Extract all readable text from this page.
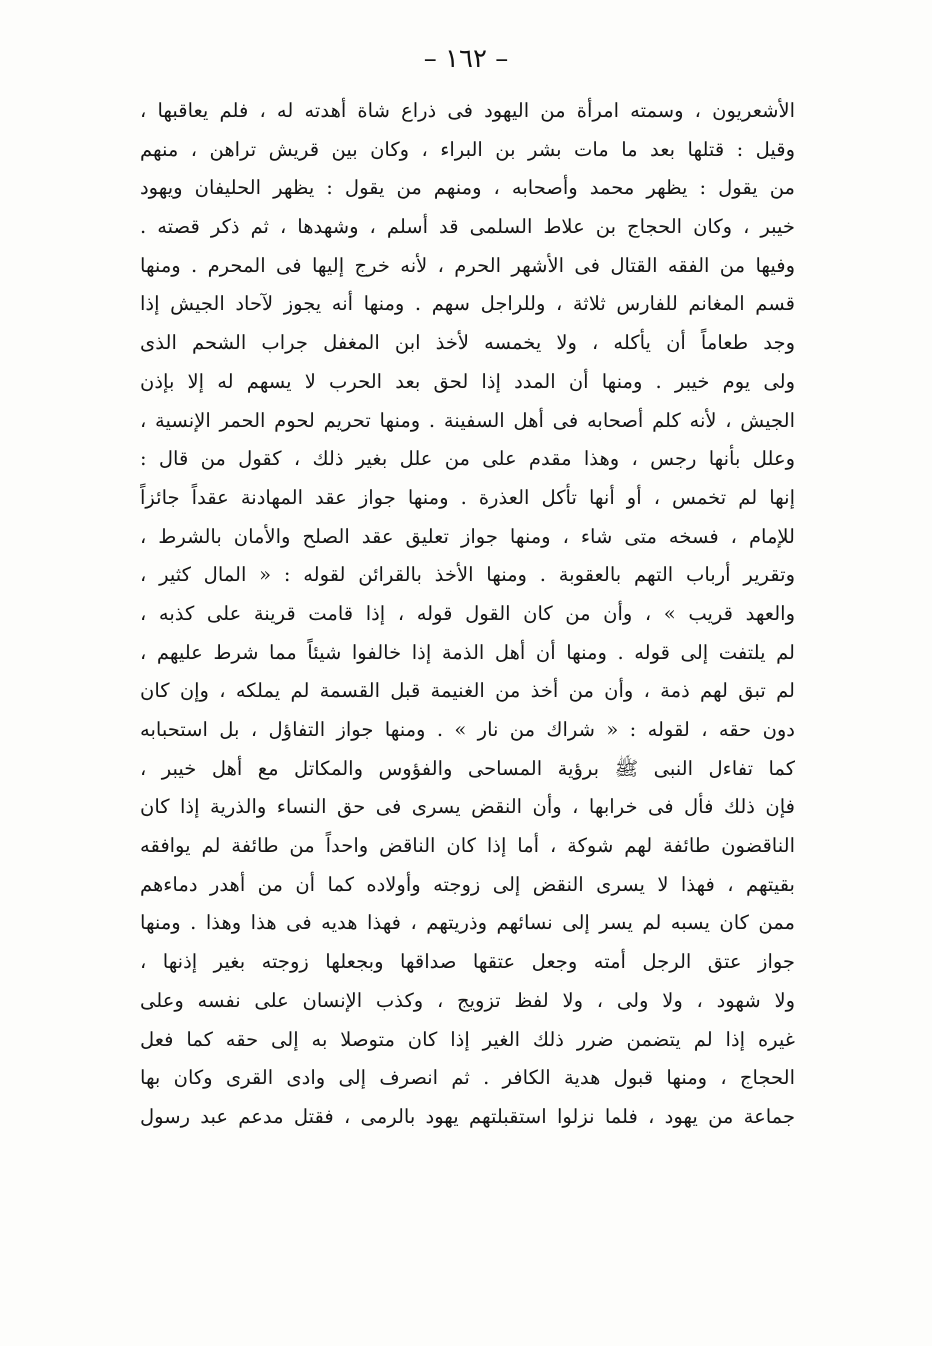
– ١٦٢ –
الأشعريون ، وسمته امرأة من اليهود فى ذراع شاة أهدته له ، فلم يعاقبها ،
وقيل : قتلها بعد ما مات بشر بن البراء ، وكان بين قريش تراهن ، منهم
من يقول : يظهر محمد وأصحابه ، ومنهم من يقول : يظهر الحليفان ويهود
خيبر ، وكان الحجاج بن علاط السلمى قد أسلم ، وشهدها ، ثم ذكر قصته .
وفيها من الفقه القتال فى الأشهر الحرم ، لأنه خرج إليها فى المحرم . ومنها
قسم المغانم للفارس ثلاثة ، وللراجل سهم . ومنها أنه يجوز لآحاد الجيش إذا
وجد طعاماً أن يأكله ، ولا يخمسه لأخذ ابن المغفل جراب الشحم الذى
ولى يوم خيبر . ومنها أن المدد إذا لحق بعد الحرب لا يسهم له إلا بإذن
الجيش ، لأنه كلم أصحابه فى أهل السفينة . ومنها تحريم لحوم الحمر الإنسية ،
وعلل بأنها رجس ، وهذا مقدم على من علل بغير ذلك ، كقول من قال :
إنها لم تخمس ، أو أنها تأكل العذرة . ومنها جواز عقد المهادنة عقداً جائزاً
للإمام ، فسخه متى شاء ، ومنها جواز تعليق عقد الصلح والأمان بالشرط ،
وتقرير أرباب التهم بالعقوبة . ومنها الأخذ بالقرائن لقوله : « المال كثير ،
والعهد قريب » ، وأن من كان القول قوله ، إذا قامت قرينة على كذبه ،
لم يلتفت إلى قوله . ومنها أن أهل الذمة إذا خالفوا شيئاً مما شرط عليهم ،
لم تبق لهم ذمة ، وأن من أخذ من الغنيمة قبل القسمة لم يملكه ، وإن كان
دون حقه ، لقوله : « شراك من نار » . ومنها جواز التفاؤل ، بل استحبابه
كما تفاءل النبى ﷺ برؤية المساحى والفؤوس والمكاتل مع أهل خيبر ،
فإن ذلك فأل فى خرابها ، وأن النقض يسرى فى حق النساء والذرية إذا كان
الناقضون طائفة لهم شوكة ، أما إذا كان الناقض واحداً من طائفة لم يوافقه
بقيتهم ، فهذا لا يسرى النقض إلى زوجته وأولاده كما أن من أهدر دماءهم
ممن كان يسبه لم يسر إلى نسائهم وذريتهم ، فهذا هديه فى هذا وهذا . ومنها
جواز عتق الرجل أمته وجعل عتقها صداقها وبجعلها زوجته بغير إذنها ،
ولا شهود ، ولا ولى ، ولا لفظ تزويج ، وكذب الإنسان على نفسه وعلى
غيره إذا لم يتضمن ضرر ذلك الغير إذا كان متوصلا به إلى حقه كما فعل
الحجاج ، ومنها قبول هدية الكافر . ثم انصرف إلى وادى القرى وكان بها
جماعة من يهود ، فلما نزلوا استقبلتهم يهود بالرمى ، فقتل مدعم عبد رسول
